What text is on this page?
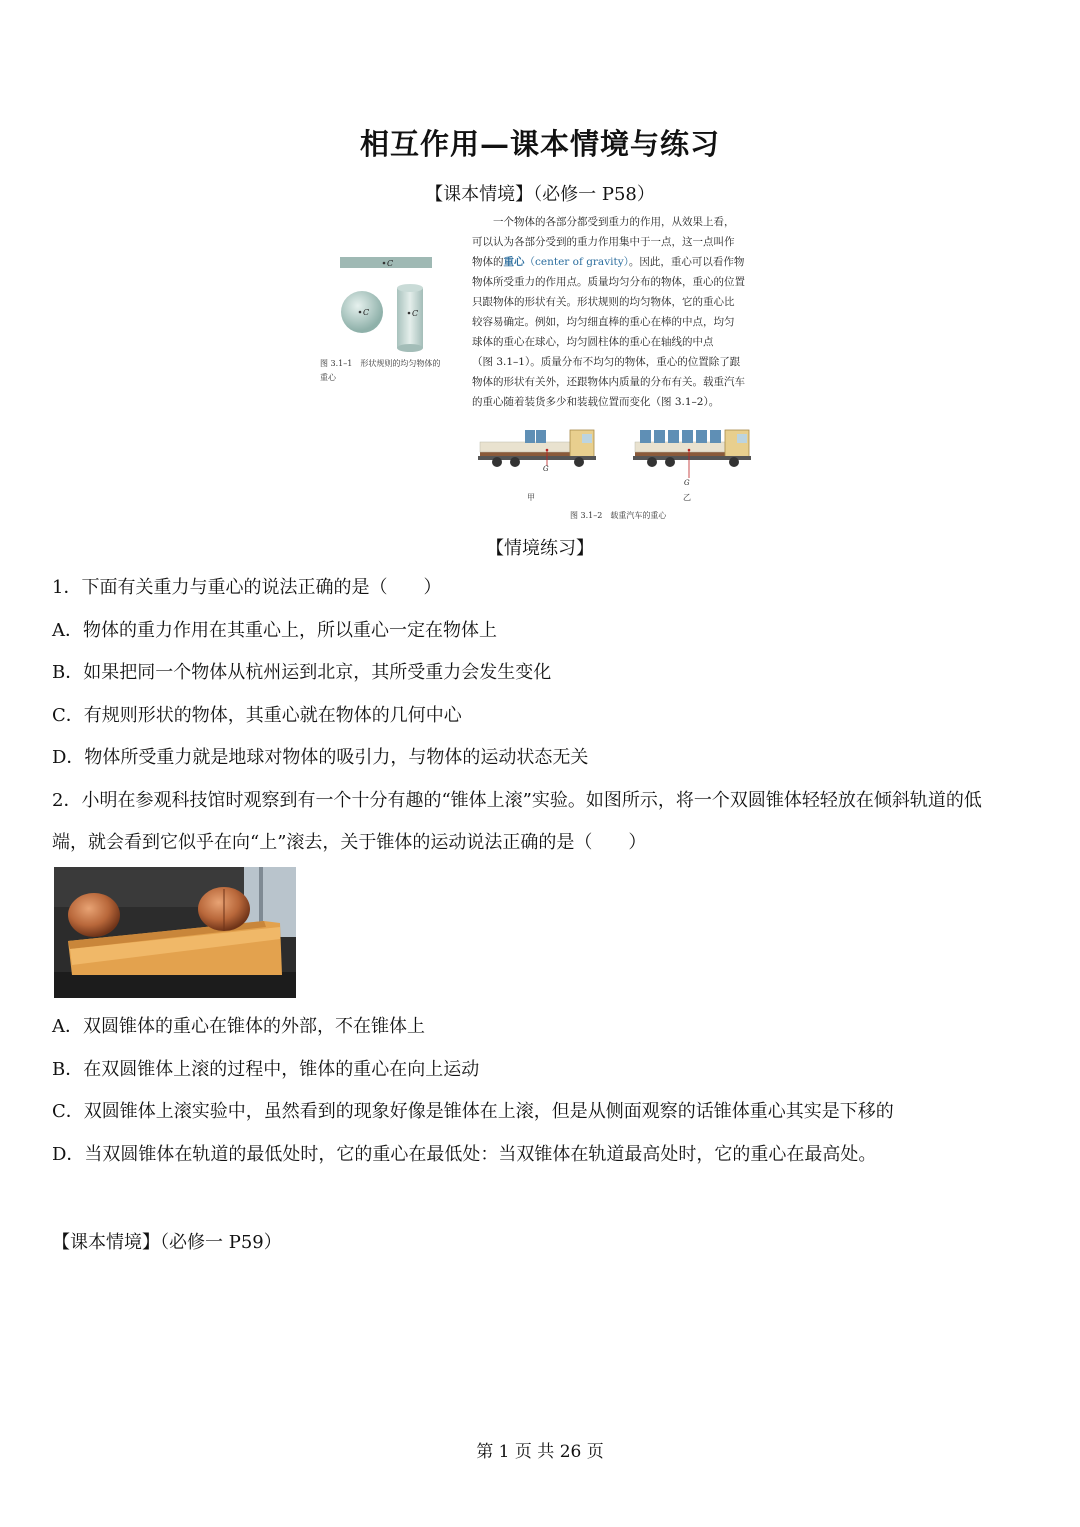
相互作用—课本情境与练习
【课本情境】（必修一 P58）
C
C	C
图 3.1–1　形状规则的均匀物体的
重心
一个物体的各部分都受到重力的作用，从效果上看，
可以认为各部分受到的重力作用集中于一点，这一点叫作
物体的重心（center of gravity）。因此，重心可以看作物
物体所受重力的作用点。质量均匀分布的物体，重心的位置
只跟物体的形状有关。形状规则的均匀物体，它的重心比
较容易确定。例如，均匀细直棒的重心在棒的中点，均匀
球体的重心在球心，均匀圆柱体的重心在轴线的中点
（图 3.1–1）。质量分布不均匀的物体，重心的位置除了跟
物体的形状有关外，还跟物体内质量的分布有关。载重汽车
的重心随着装货多少和装载位置而变化（图 3.1–2）。
G
G
甲	乙
图 3.1–2　载重汽车的重心
【情境练习】
1．下面有关重力与重心的说法正确的是（　　）
A．物体的重力作用在其重心上，所以重心一定在物体上
B．如果把同一个物体从杭州运到北京，其所受重力会发生变化
C．有规则形状的物体，其重心就在物体的几何中心
D．物体所受重力就是地球对物体的吸引力，与物体的运动状态无关
2．小明在参观科技馆时观察到有一个十分有趣的“锥体上滚”实验。如图所示，将一个双圆锥体轻轻放在倾斜轨道的低
端，就会看到它似乎在向“上”滚去，关于锥体的运动说法正确的是（　　）
A．双圆锥体的重心在锥体的外部，不在锥体上
B．在双圆锥体上滚的过程中，锥体的重心在向上运动
C．双圆锥体上滚实验中，虽然看到的现象好像是锥体在上滚，但是从侧面观察的话锥体重心其实是下移的
D．当双圆锥体在轨道的最低处时，它的重心在最低处：当双锥体在轨道最高处时，它的重心在最高处。
【课本情境】（必修一 P59）
第 1 页 共 26 页
